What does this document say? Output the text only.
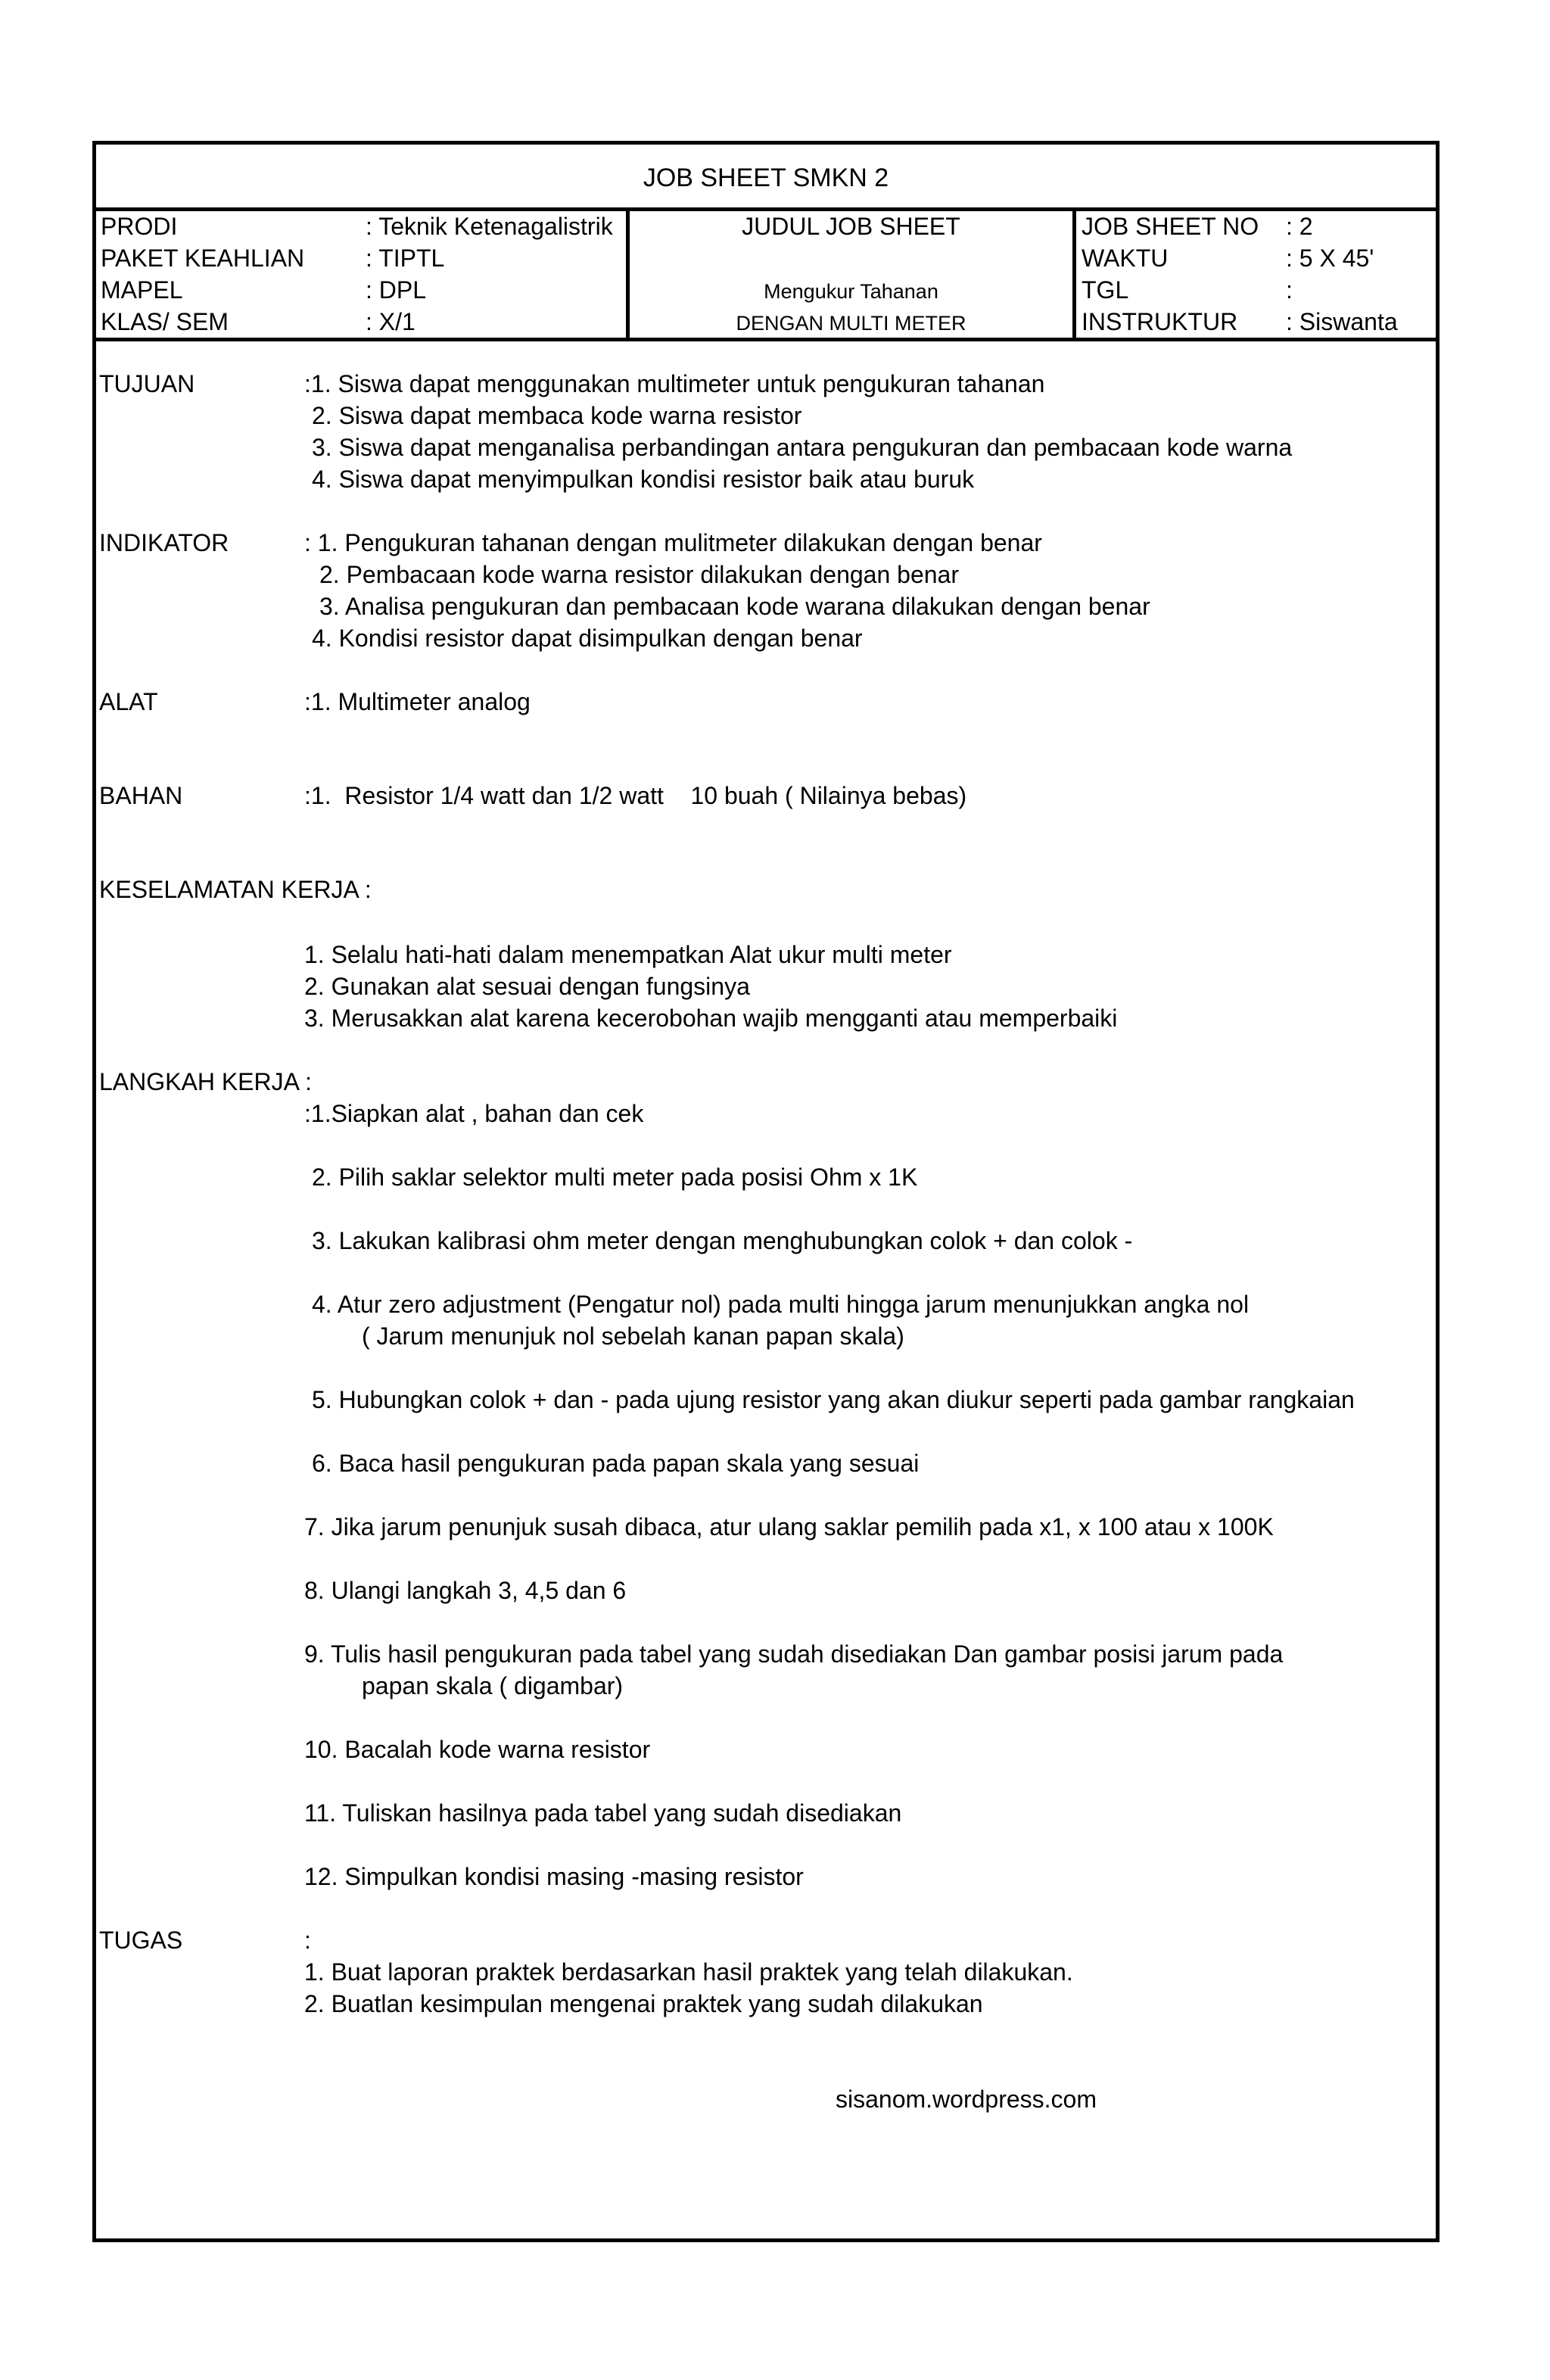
JOB SHEET SMKN 2
PRODI	: Teknik Ketenagalistrik
PAKET KEAHLIAN	: TIPTL
MAPEL	: DPL
KLAS/ SEM	: X/1
JUDUL JOB SHEET
Mengukur Tahanan
DENGAN MULTI METER
JOB SHEET NO : 2
WAKTU	: 5 X 45'
TGL	:
INSTRUKTUR : Siswanta
TUJUAN	:1. Siswa dapat menggunakan multimeter untuk pengukuran tahanan
2. Siswa dapat membaca kode warna resistor
3. Siswa dapat menganalisa perbandingan antara pengukuran dan pembacaan kode warna
4. Siswa dapat menyimpulkan kondisi resistor baik atau buruk
INDIKATOR	: 1. Pengukuran tahanan dengan mulitmeter dilakukan dengan benar
2. Pembacaan kode warna resistor dilakukan dengan benar
3. Analisa pengukuran dan pembacaan kode warana dilakukan dengan benar
4. Kondisi resistor dapat disimpulkan dengan benar
ALAT	:1. Multimeter analog
BAHAN	:1.  Resistor 1/4 watt dan 1/2 watt    10 buah ( Nilainya bebas)
KESELAMATAN KERJA :
1. Selalu hati-hati dalam menempatkan Alat ukur multi meter
2. Gunakan alat sesuai dengan fungsinya
3. Merusakkan alat karena kecerobohan wajib mengganti atau memperbaiki
LANGKAH KERJA :
:1.Siapkan alat , bahan dan cek
2. Pilih saklar selektor multi meter pada posisi Ohm x 1K
3. Lakukan kalibrasi ohm meter dengan menghubungkan colok + dan colok -
4. Atur zero adjustment (Pengatur nol) pada multi hingga jarum menunjukkan angka nol
( Jarum menunjuk nol sebelah kanan papan skala)
5. Hubungkan colok + dan - pada ujung resistor yang akan diukur seperti pada gambar rangkaian
6. Baca hasil pengukuran pada papan skala yang sesuai
7. Jika jarum penunjuk susah dibaca, atur ulang saklar pemilih pada x1, x 100 atau x 100K
8. Ulangi langkah 3, 4,5 dan 6
9. Tulis hasil pengukuran pada tabel yang sudah disediakan Dan gambar posisi jarum pada
papan skala ( digambar)
10. Bacalah kode warna resistor
11. Tuliskan hasilnya pada tabel yang sudah disediakan
12. Simpulkan kondisi masing -masing resistor
TUGAS	:
1. Buat laporan praktek berdasarkan hasil praktek yang telah dilakukan.
2. Buatlan kesimpulan mengenai praktek yang sudah dilakukan
sisanom.wordpress.com
